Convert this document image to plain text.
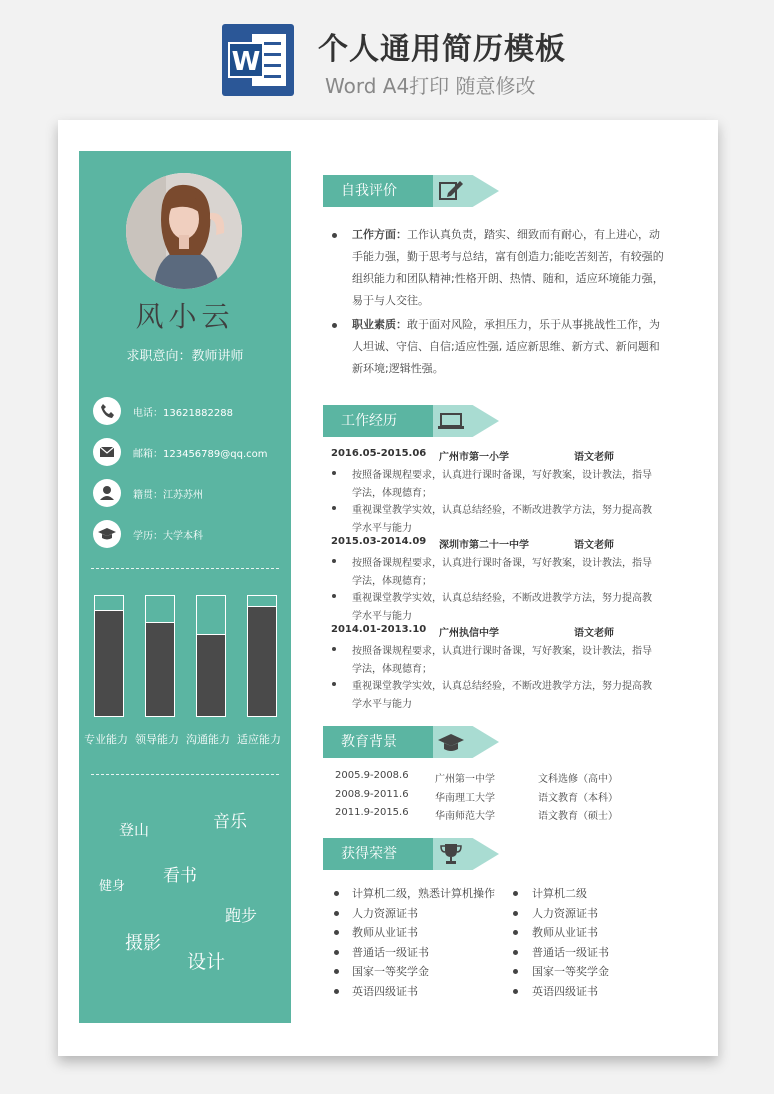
W 个人通用简历模板
Word A4打印 随意修改
风小云
求职意向：教师讲师
电话：13621882288
邮箱：123456789@qq.com
籍贯：江苏苏州
学历：大学本科
专业能力 领导能力 沟通能力 适应能力
登山	音乐
健身
看书
跑步
摄影
设计
自我评价
工作方面：工作认真负责，踏实、细致而有耐心，有上进心，动
手能力强，勤于思考与总结，富有创造力;能吃苦刻苦，有较强的
组织能力和团队精神;性格开朗、热情、随和，适应环境能力强，
易于与人交往。
职业素质：敢于面对风险，承担压力，乐于从事挑战性工作，为
人坦诚、守信、自信;适应性强, 适应新思维、新方式、新问题和
新环境;逻辑性强。
工作经历
2016.05-2015.06 广州市第一小学	语文老师
按照备课规程要求，认真进行课时备课，写好教案，设计教法，指导
学法，体现德育；
重视课堂教学实效，认真总结经验，不断改进教学方法，努力提高教
学水平与能力
2015.03-2014.09 深圳市第二十一中学	语文老师
按照备课规程要求，认真进行课时备课，写好教案，设计教法，指导
学法，体现德育；
重视课堂教学实效，认真总结经验，不断改进教学方法，努力提高教
学水平与能力
2014.01-2013.10 广州执信中学	语文老师
按照备课规程要求，认真进行课时备课，写好教案，设计教法，指导
学法，体现德育；
重视课堂教学实效，认真总结经验，不断改进教学方法，努力提高教
学水平与能力
教育背景
2005.9-2008.6	广州第一中学	文科选修（高中）
2008.9-2011.6	华南理工大学	语文教育（本科）
2011.9-2015.6	华南师范大学	语文教育（硕士）
获得荣誉
计算机二级，熟悉计算机操作	计算机二级
人力资源证书	人力资源证书
教师从业证书	教师从业证书
普通话一级证书	普通话一级证书
国家一等奖学金	国家一等奖学金
英语四级证书	英语四级证书
